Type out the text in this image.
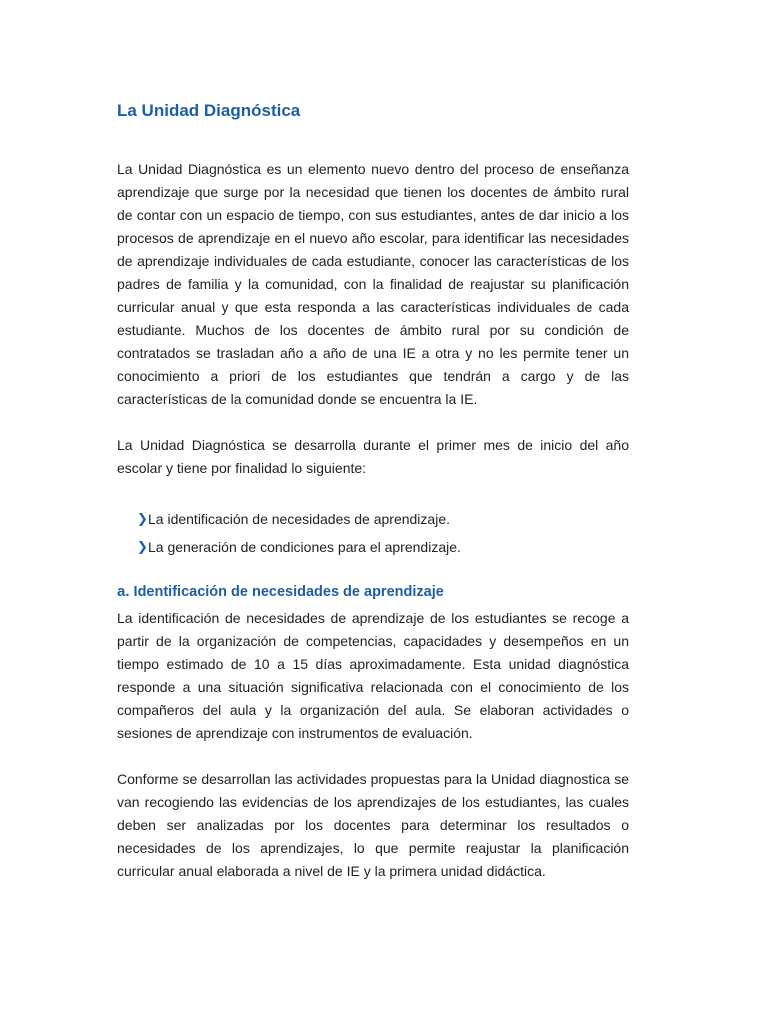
La Unidad Diagnóstica

La Unidad Diagnóstica es un elemento nuevo dentro del proceso de enseñanza aprendizaje que surge por la necesidad que tienen los docentes de ámbito rural de contar con un espacio de tiempo, con sus estudiantes, antes de dar inicio a los procesos de aprendizaje en el nuevo año escolar, para identificar las necesidades de aprendizaje individuales de cada estudiante, conocer las características de los padres de familia y la comunidad, con la finalidad de reajustar su planificación curricular anual y que esta responda a las características individuales de cada estudiante. Muchos de los docentes de ámbito rural por su condición de contratados se trasladan año a año de una IE a otra y no les permite tener un conocimiento a priori de los estudiantes que tendrán a cargo y de las características de la comunidad donde se encuentra la IE.

La Unidad Diagnóstica se desarrolla durante el primer mes de inicio del año escolar y tiene por finalidad lo siguiente:

❯ La identificación de necesidades de aprendizaje.
❯ La generación de condiciones para el aprendizaje.
a. Identificación de necesidades de aprendizaje

La identificación de necesidades de aprendizaje de los estudiantes se recoge a partir de la organización de competencias, capacidades y desempeños en un tiempo estimado de 10 a 15 días aproximadamente. Esta unidad diagnóstica responde a una situación significativa relacionada con el conocimiento de los compañeros del aula y la organización del aula. Se elaboran actividades o sesiones de aprendizaje con instrumentos de evaluación.

Conforme se desarrollan las actividades propuestas para la Unidad diagnostica se van recogiendo las evidencias de los aprendizajes de los estudiantes, las cuales deben ser analizadas por los docentes para determinar los resultados o necesidades de los aprendizajes, lo que permite reajustar la planificación curricular anual elaborada a nivel de IE y la primera unidad didáctica.
